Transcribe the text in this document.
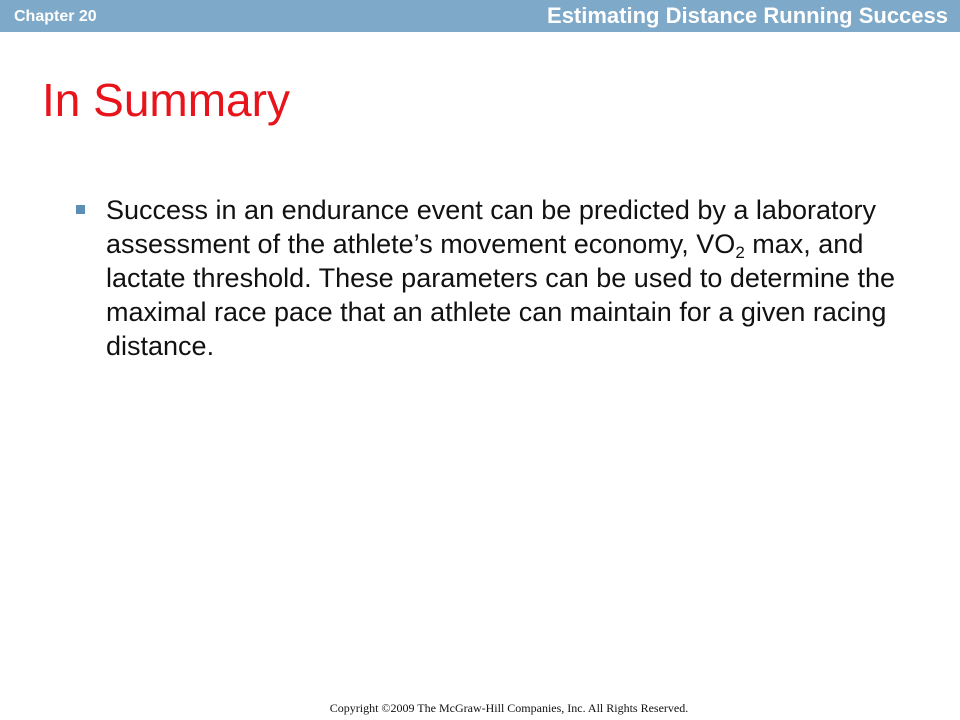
Chapter 20	Estimating Distance Running Success
In Summary
Success in an endurance event can be predicted by a laboratory assessment of the athlete’s movement economy, $VO_2$ max, and lactate threshold. These parameters can be used to determine the maximal race pace that an athlete can maintain for a given racing distance.
Copyright ©2009 The McGraw-Hill Companies, Inc. All Rights Reserved.
